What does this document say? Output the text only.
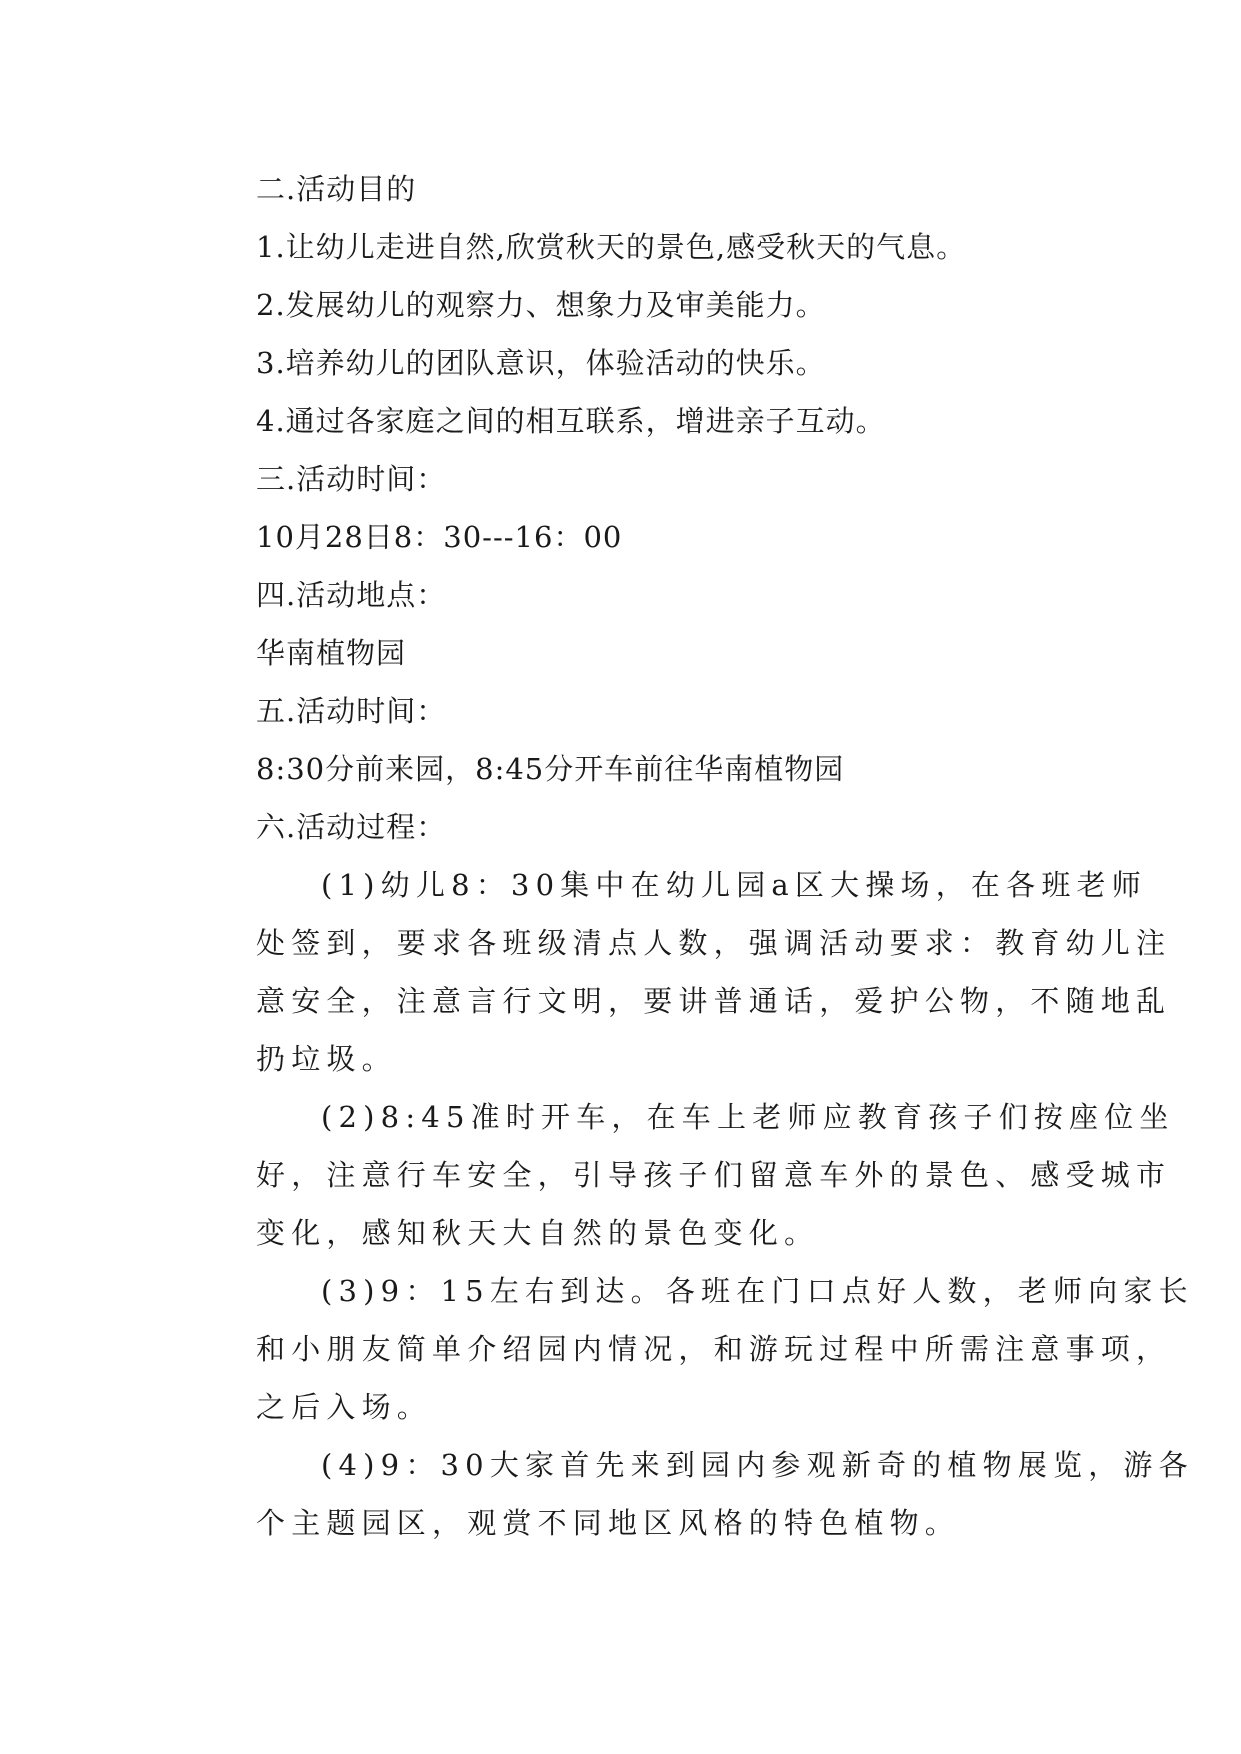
二.活动目的
1.让幼儿走进自然,欣赏秋天的景色,感受秋天的气息。
2.发展幼儿的观察力、想象力及审美能力。
3.培养幼儿的团队意识，体验活动的快乐。
4.通过各家庭之间的相互联系，增进亲子互动。
三.活动时间：
10月28日8：30---16：00
四.活动地点：
华南植物园
五.活动时间：
8:30分前来园，8:45分开车前往华南植物园
六.活动过程：
(1)幼儿8：30集中在幼儿园a区大操场，在各班老师
处签到，要求各班级清点人数，强调活动要求：教育幼儿注
意安全，注意言行文明，要讲普通话，爱护公物，不随地乱
扔垃圾。
(2)8:45准时开车，在车上老师应教育孩子们按座位坐
好，注意行车安全，引导孩子们留意车外的景色、感受城市
变化，感知秋天大自然的景色变化。
(3)9：15左右到达。各班在门口点好人数，老师向家长
和小朋友简单介绍园内情况，和游玩过程中所需注意事项，
之后入场。
(4)9：30大家首先来到园内参观新奇的植物展览，游各
个主题园区，观赏不同地区风格的特色植物。
